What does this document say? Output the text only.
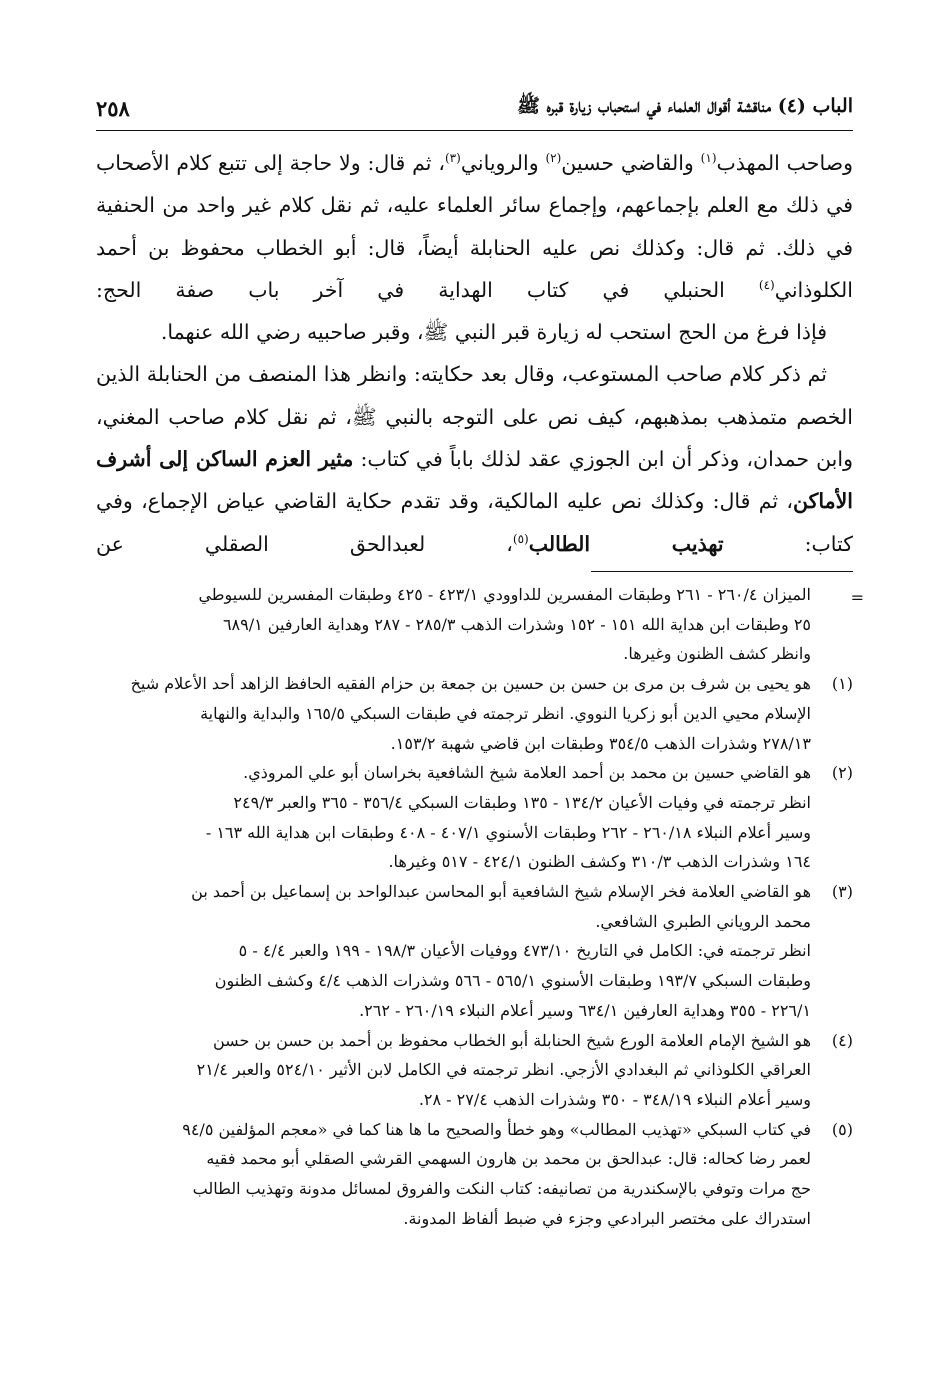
الباب (٤) مناقشة أقوال العلماء في استحباب زيارة قبره ﷺ
٢٥٨

وصاحب المهذب$^{(١)}$ والقاضي حسين$^{(٢)}$ والروياني$^{(٣)}$، ثم قال: ولا حاجة إلى تتبع كلام الأصحاب في ذلك مع العلم بإجماعهم، وإجماع سائر العلماء عليه، ثم نقل كلام غير واحد من الحنفية في ذلك. ثم قال: وكذلك نص عليه الحنابلة أيضاً، قال: أبو الخطاب محفوظ بن أحمد الكلوذاني$^{(٤)}$ الحنبلي في كتاب الهداية في آخر باب صفة الحج:

فإذا فرغ من الحج استحب له زيارة قبر النبي ﷺ، وقبر صاحبيه رضي الله عنهما.

ثم ذكر كلام صاحب المستوعب، وقال بعد حكايته: وانظر هذا المنصف من الحنابلة الذين الخصم متمذهب بمذهبهم، كيف نص على التوجه بالنبي ﷺ، ثم نقل كلام صاحب المغني، وابن حمدان، وذكر أن ابن الجوزي عقد لذلك باباً في كتاب: مثير العزم الساكن إلى أشرف الأماكن، ثم قال: وكذلك نص عليه المالكية، وقد تقدم حكاية القاضي عياض الإجماع، وفي كتاب: تهذيب الطالب$^{(٥)}$، لعبدالحق الصقلي عن

=
الميزان ٢٦٠/٤ - ٢٦١ وطبقات المفسرين للداوودي ٤٢٣/١ - ٤٢٥ وطبقات المفسرين للسيوطي
٢٥ وطبقات ابن هداية الله ١٥١ - ١٥٢ وشذرات الذهب ٢٨٥/٣ - ٢٨٧ وهداية العارفين ٦٨٩/١
وانظر كشف الظنون وغيرها.
(١)
هو يحيى بن شرف بن مرى بن حسن بن حسين بن جمعة بن حزام الفقيه الحافظ الزاهد أحد الأعلام شيخ
الإسلام محيي الدين أبو زكريا النووي. انظر ترجمته في طبقات السبكي ١٦٥/٥ والبداية والنهاية
٢٧٨/١٣ وشذرات الذهب ٣٥٤/٥ وطبقات ابن قاضي شهبة ١٥٣/٢.
(٢)
هو القاضي حسين بن محمد بن أحمد العلامة شيخ الشافعية بخراسان أبو علي المروذي.
انظر ترجمته في وفيات الأعيان ١٣٤/٢ - ١٣٥ وطبقات السبكي ٣٥٦/٤ - ٣٦٥ والعبر ٢٤٩/٣
وسير أعلام النبلاء ٢٦٠/١٨ - ٢٦٢ وطبقات الأسنوي ٤٠٧/١ - ٤٠٨ وطبقات ابن هداية الله ١٦٣ -
١٦٤ وشذرات الذهب ٣١٠/٣ وكشف الظنون ٤٢٤/١ - ٥١٧ وغيرها.
(٣)
هو القاضي العلامة فخر الإسلام شيخ الشافعية أبو المحاسن عبدالواحد بن إسماعيل بن أحمد بن
محمد الروياني الطبري الشافعي.
انظر ترجمته في: الكامل في التاريخ ٤٧٣/١٠ ووفيات الأعيان ١٩٨/٣ - ١٩٩ والعبر ٤/٤ - ٥
وطبقات السبكي ١٩٣/٧ وطبقات الأسنوي ٥٦٥/١ - ٥٦٦ وشذرات الذهب ٤/٤ وكشف الظنون
٢٢٦/١ - ٣٥٥ وهداية العارفين ٦٣٤/١ وسير أعلام النبلاء ٢٦٠/١٩ - ٢٦٢.
(٤)
هو الشيخ الإمام العلامة الورع شيخ الحنابلة أبو الخطاب محفوظ بن أحمد بن حسن بن حسن
العراقي الكلوذاني ثم البغدادي الأزجي. انظر ترجمته في الكامل لابن الأثير ٥٢٤/١٠ والعبر ٢١/٤
وسير أعلام النبلاء ٣٤٨/١٩ - ٣٥٠ وشذرات الذهب ٢٧/٤ - ٢٨.
(٥)
في كتاب السبكي «تهذيب المطالب» وهو خطأ والصحيح ما ها هنا كما في «معجم المؤلفين ٩٤/٥
لعمر رضا كحاله: قال: عبدالحق بن محمد بن هارون السهمي القرشي الصقلي أبو محمد فقيه
حج مرات وتوفي بالإسكندرية من تصانيفه: كتاب النكت والفروق لمسائل مدونة وتهذيب الطالب
استدراك على مختصر البرادعي وجزء في ضبط ألفاظ المدونة.
